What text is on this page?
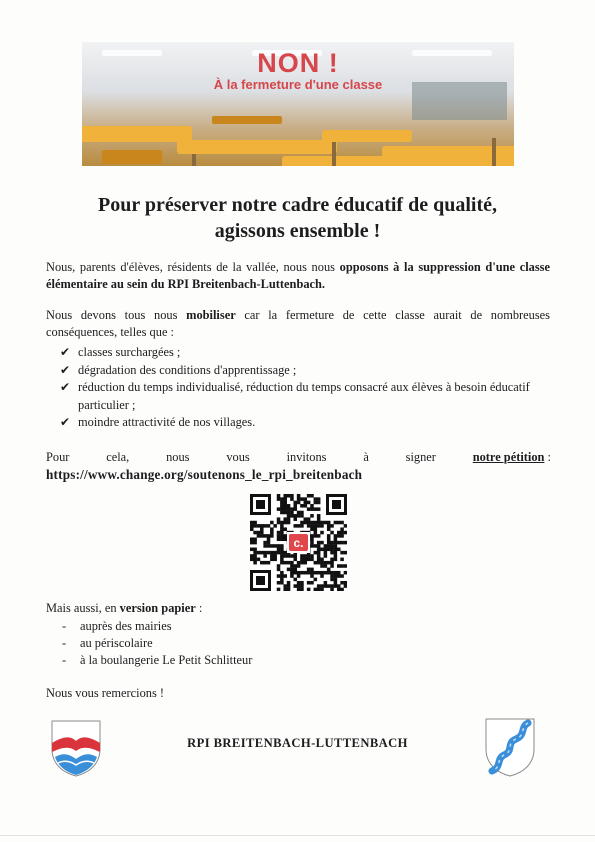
NON !
À la fermeture d'une classe
Pour préserver notre cadre éducatif de qualité,
agissons ensemble !

Nous, parents d'élèves, résidents de la vallée, nous nous opposons à la suppression d'une classe élémentaire au sein du RPI Breitenbach-Luttenbach.

Nous devons tous nous mobiliser car la fermeture de cette classe aurait de nombreuses conséquences, telles que :

✔ classes surchargées ;
✔ dégradation des conditions d'apprentissage ;
✔ réduction du temps individualisé, réduction du temps consacré aux élèves à besoin éducatif particulier ;
✔ moindre attractivité de nos villages.
Pour	cela,	nous	vous	invitons	à	signer	notre pétition :
https://www.change.org/soutenons_le_rpi_breitenbach
c.

Mais aussi, en version papier :

- auprès des mairies
- au périscolaire
- à la boulangerie Le Petit Schlitteur

Nous vous remercions !

RPI BREITENBACH-LUTTENBACH
